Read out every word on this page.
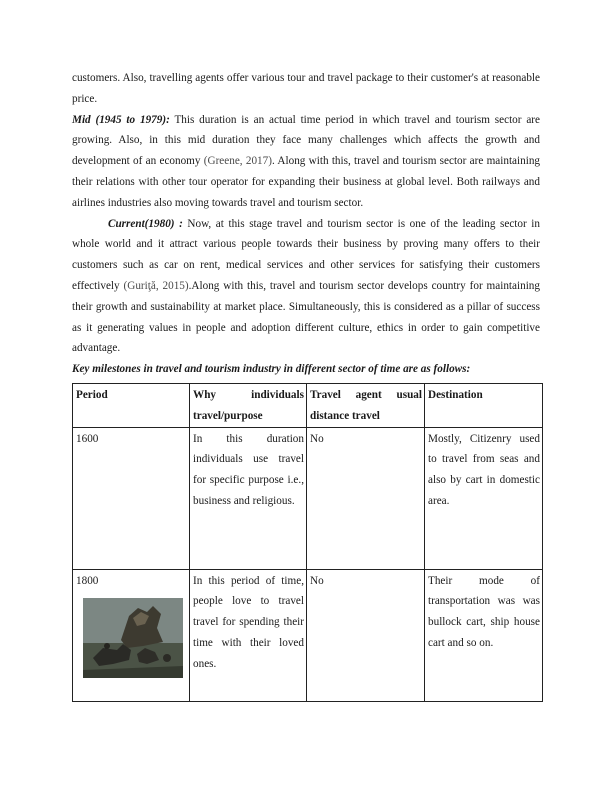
customers. Also, travelling agents offer various tour and travel package to their customer's at reasonable price.

Mid (1945 to 1979): This duration is an actual time period in which travel and tourism sector are growing. Also, in this mid duration they face many challenges which affects the growth and development of an economy (Greene, 2017). Along with this, travel and tourism sector are maintaining their relations with other tour operator for expanding their business at global level. Both railways and airlines industries also moving towards travel and tourism sector.

Current(1980) : Now, at this stage travel and tourism sector is one of the leading sector in whole world and it attract various people towards their business by proving many offers to their customers such as car on rent, medical services and other services for satisfying their customers effectively (Guriţă, 2015).Along with this, travel and tourism sector develops country for maintaining their growth and sustainability at market place. Simultaneously, this is considered as a pillar of success as it generating values in people and adoption different culture, ethics in order to gain competitive advantage.

Key milestones in travel and tourism industry in different sector of time are as follows:

Period	Why individuals travel/purpose	Travel agent usual distance travel	Destination
1600	In this duration individuals use travel for specific purpose i.e., business and religious.	No	Mostly, Citizenry used to travel from seas and also by cart in domestic area.

1800	In this period of time, people love to travel travel for spending their time with their loved ones.	No	Their mode of transportation was was bullock cart, ship house cart and so on.
